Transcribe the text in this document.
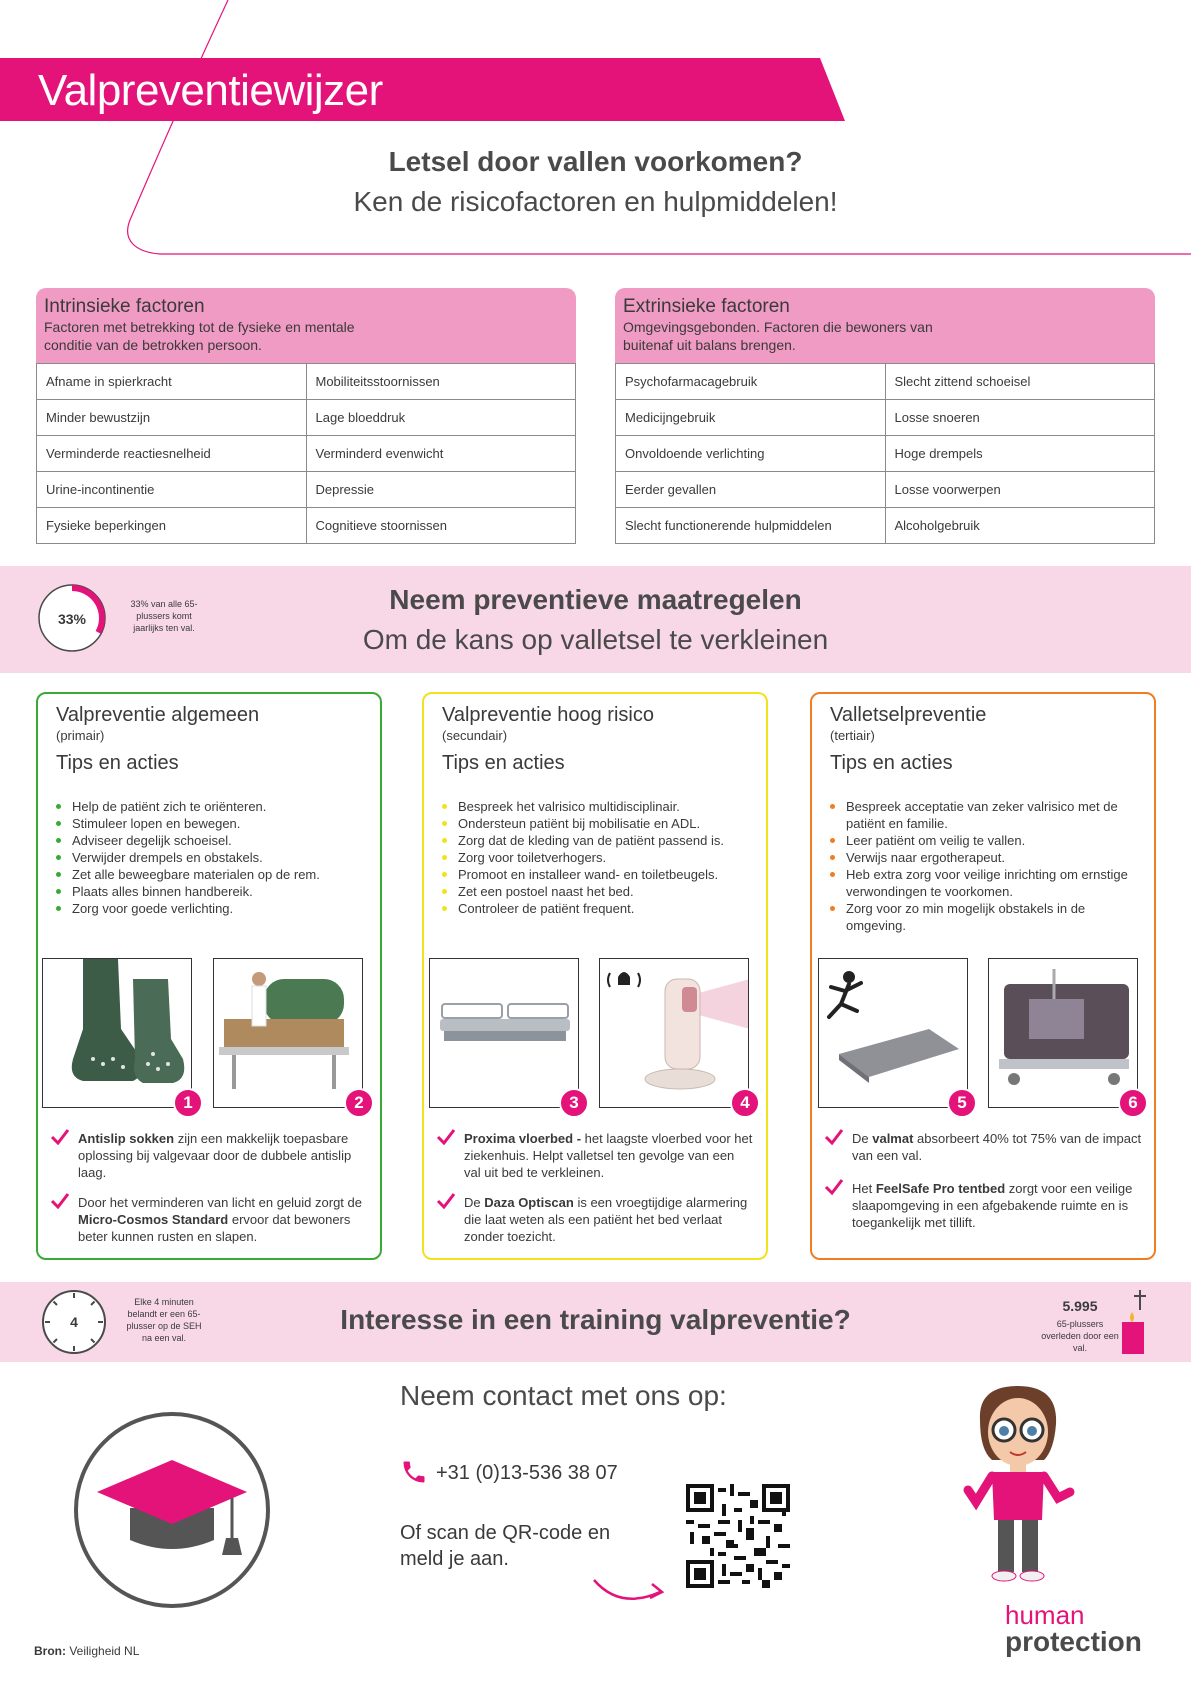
Valpreventiewijzer
Letsel door vallen voorkomen?
Ken de risicofactoren en hulpmiddelen!
Intrinsieke factoren
Factoren met betrekking tot de fysieke en mentale conditie van de betrokken persoon.
Afname in spierkracht	Mobiliteitsstoornissen
Minder bewustzijn	Lage bloeddruk
Verminderde reactiesnelheid	Verminderd evenwicht
Urine-incontinentie	Depressie
Fysieke beperkingen	Cognitieve stoornissen
Extrinsieke factoren
Omgevingsgebonden. Factoren die bewoners van buitenaf uit balans brengen.
Psychofarmacagebruik	Slecht zittend schoeisel
Medicijngebruik	Losse snoeren
Onvoldoende verlichting	Hoge drempels
Eerder gevallen	Losse voorwerpen
Slecht functionerende hulpmiddelen	Alcoholgebruik
33%
33% van alle 65-plussers komt jaarlijks ten val.
Neem preventieve maatregelen
Om de kans op valletsel te verkleinen
Valpreventie algemeen
(primair)
Tips en acties
Help de patiënt zich te oriënteren.
Stimuleer lopen en bewegen.
Adviseer degelijk schoeisel.
Verwijder drempels en obstakels.
Zet alle beweegbare materialen op de rem.
Plaats alles binnen handbereik.
Zorg voor goede verlichting.
1	2
Antislip sokken zijn een makkelijk toepasbare oplossing bij valgevaar door de dubbele antislip laag.
Door het verminderen van licht en geluid zorgt de Micro-Cosmos Standard ervoor dat bewoners beter kunnen rusten en slapen.
Valpreventie hoog risico
(secundair)
Tips en acties
Bespreek het valrisico multidisciplinair.
Ondersteun patiënt bij mobilisatie en ADL.
Zorg dat de kleding van de patiënt passend is.
Zorg voor toiletverhogers.
Promoot en installeer wand- en toiletbeugels.
Zet een postoel naast het bed.
Controleer de patiënt frequent.
3	4
Proxima vloerbed - het laagste vloerbed voor het ziekenhuis. Helpt valletsel ten gevolge van een val uit bed te verkleinen.
De Daza Optiscan is een vroegtijdige alarmering die laat weten als een patiënt het bed verlaat zonder toezicht.
Valletselpreventie
(tertiair)
Tips en acties
Bespreek acceptatie van zeker valrisico met de patiënt en familie.
Leer patiënt om veilig te vallen.
Verwijs naar ergotherapeut.
Heb extra zorg voor veilige inrichting om ernstige verwondingen te voorkomen.
Zorg voor zo min mogelijk obstakels in de omgeving.
5	6
De valmat absorbeert 40% tot 75% van de impact van een val.
Het FeelSafe Pro tentbed zorgt voor een veilige slaapomgeving in een afgebakende ruimte en is toegankelijk met tillift.
4
Elke 4 minuten belandt er een 65-plusser op de SEH na een val.
Interesse in een training valpreventie?	5.995
65-plussers overleden door een val.
Neem contact met ons op:
+31 (0)13-536 38 07
Of scan de QR-code en meld je aan.
human
protection
Bron: Veiligheid NL
